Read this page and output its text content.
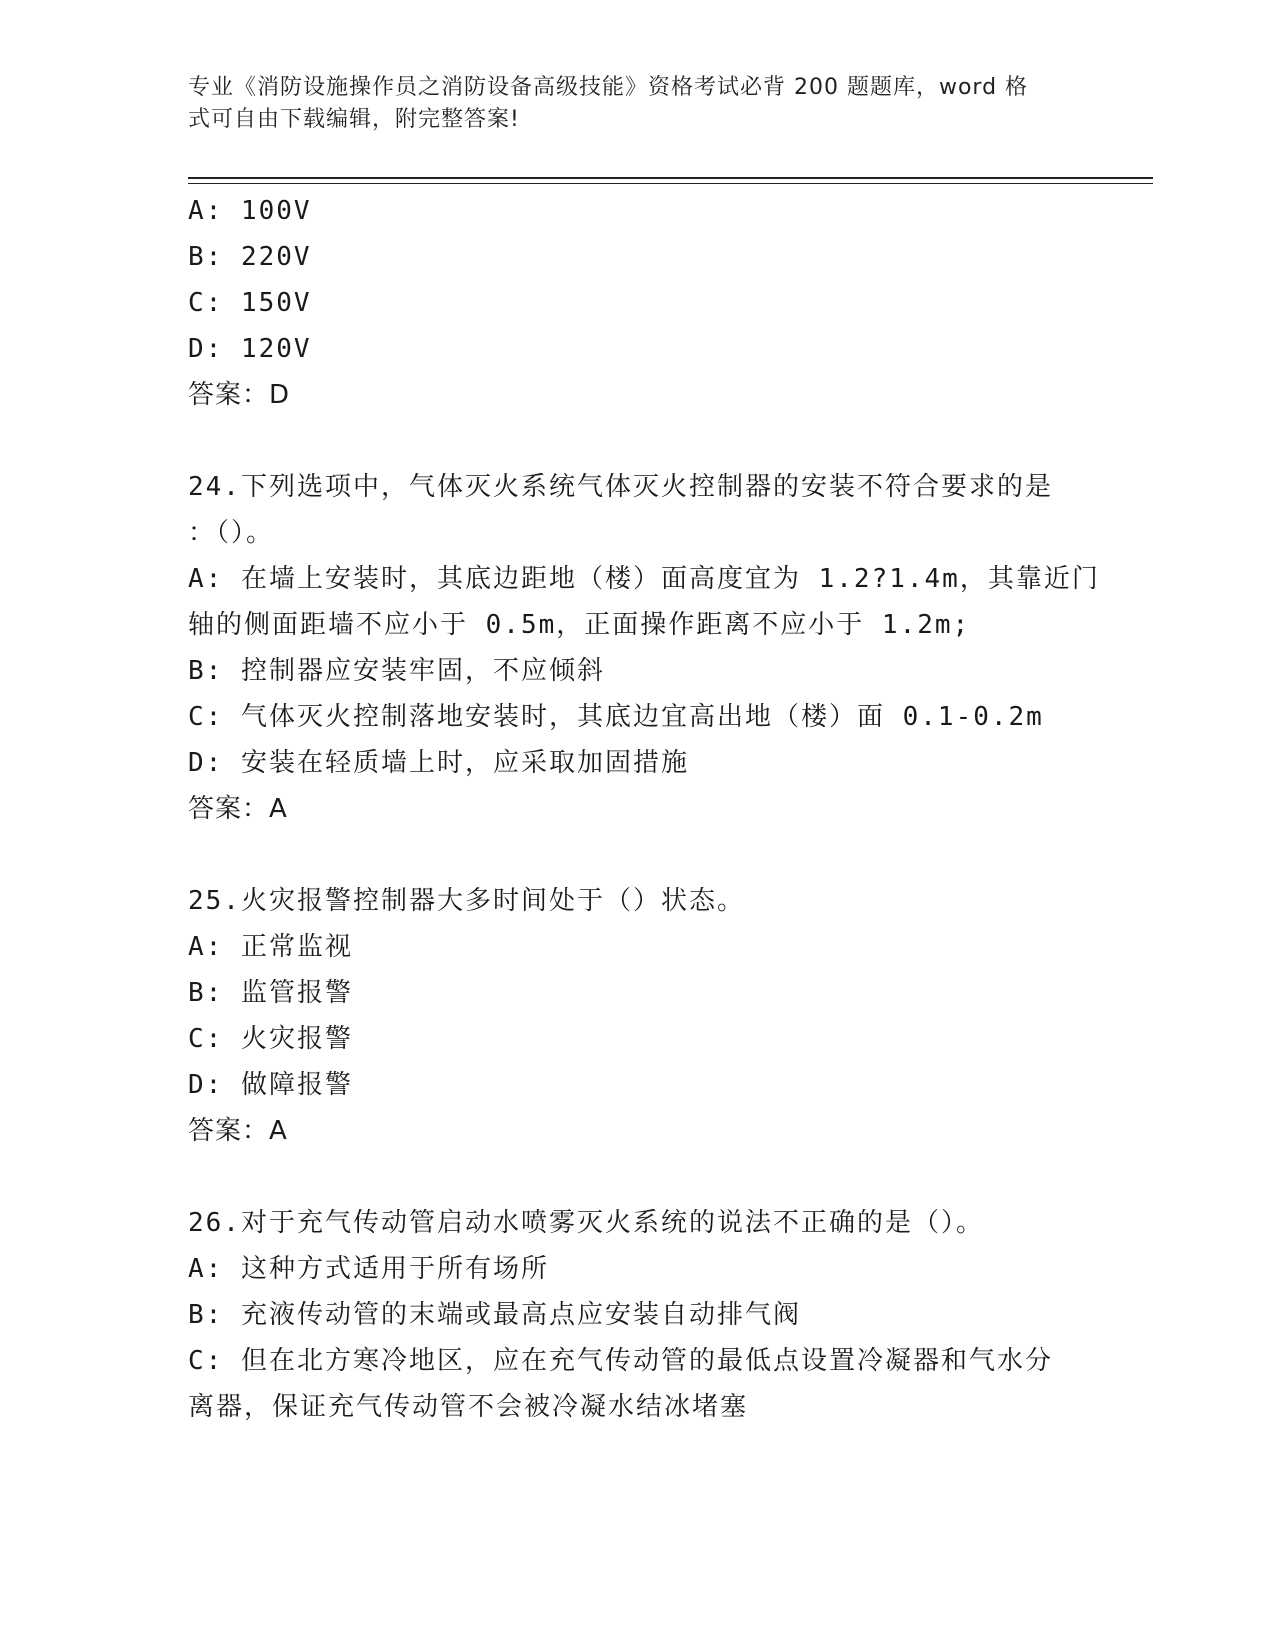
专业《消防设施操作员之消防设备高级技能》资格考试必背 200 题题库，word 格
式可自由下载编辑，附完整答案!
A: 100V
B: 220V
C: 150V
D: 120V
答案：D
24.下列选项中，气体灭火系统气体灭火控制器的安装不符合要求的是
：（）。
A: 在墙上安装时，其底边距地（楼）面高度宜为 1.2?1.4m，其靠近门
轴的侧面距墙不应小于 0.5m，正面操作距离不应小于 1.2m;
B: 控制器应安装牢固，不应倾斜
C: 气体灭火控制落地安装时，其底边宜高出地（楼）面 0.1-0.2m
D: 安装在轻质墙上时，应采取加固措施
答案：A
25.火灾报警控制器大多时间处于（）状态。
A: 正常监视
B: 监管报警
C: 火灾报警
D: 做障报警
答案：A
26.对于充气传动管启动水喷雾灭火系统的说法不正确的是（）。
A: 这种方式适用于所有场所
B: 充液传动管的末端或最高点应安装自动排气阀
C: 但在北方寒冷地区，应在充气传动管的最低点设置冷凝器和气水分
离器，保证充气传动管不会被冷凝水结冰堵塞
